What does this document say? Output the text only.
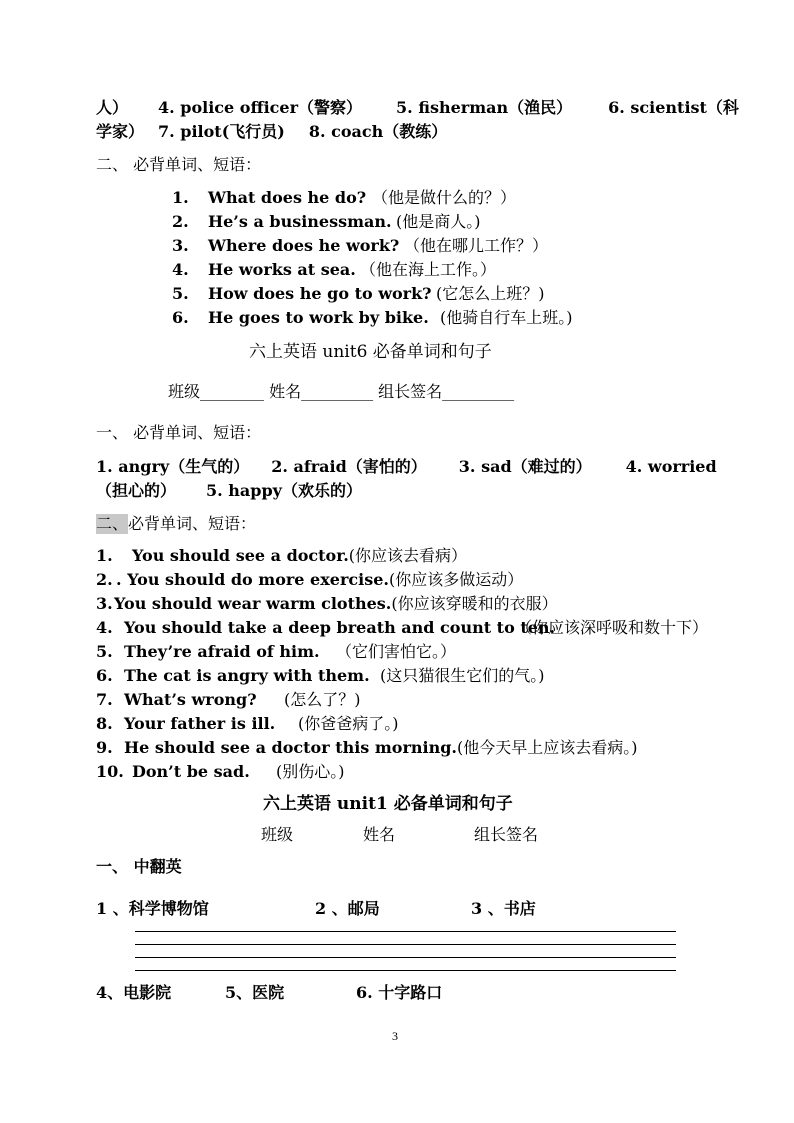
人） 4. police officer（警察） 5. fisherman（渔民） 6. scientist（科
学家） 7. pilot(飞行员) 8. coach（教练）
二、 必背单词、短语：
1. What does he do? （他是做什么的？）
2. He’s a businessman. (他是商人。)
3. Where does he work? （他在哪儿工作？）
4. He works at sea. （他在海上工作。）
5. How does he go to work? (它怎么上班？)
6. He goes to work by bike. (他骑自行车上班。)
六上英语 unit6 必备单词和句子
班级________ 姓名_________ 组长签名_________
一、 必背单词、短语：
1. angry（生气的） 2. afraid（害怕的） 3. sad（难过的） 4. worried
（担心的） 5. happy（欢乐的）
二、必背单词、短语：
1. You should see a doctor.(你应该去看病）
2. . You should do more exercise.(你应该多做运动）
3.You should wear warm clothes.(你应该穿暖和的衣服）
4. You should take a deep breath and count to ten.（你应该深呼吸和数十下）
5. They’re afraid of him. （它们害怕它。）
6. The cat is angry with them. (这只猫很生它们的气。)
7. What’s wrong? (怎么了？)
8. Your father is ill. (你爸爸病了。)
9. He should see a doctor this morning.(他今天早上应该去看病。)
10. Don’t be sad. (别伤心。)
六上英语 unit1 必备单词和句子
班级	姓名	组长签名
一、 中翻英
1 、科学博物馆	2 、邮局	3 、书店
4、电影院	5、医院	6. 十字路口
3
